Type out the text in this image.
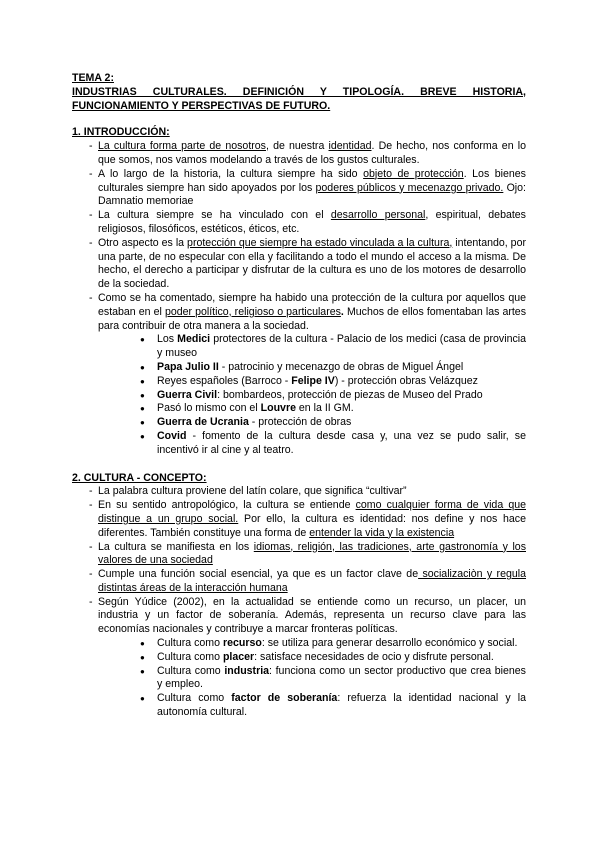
TEMA 2:
INDUSTRIAS CULTURALES. DEFINICIÓN Y TIPOLOGÍA. BREVE HISTORIA, FUNCIONAMIENTO Y PERSPECTIVAS DE FUTURO.
1. INTRODUCCIÓN:
- La cultura forma parte de nosotros, de nuestra identidad. De hecho, nos conforma en lo que somos, nos vamos modelando a través de los gustos culturales.
- A lo largo de la historia, la cultura siempre ha sido objeto de protección. Los bienes culturales siempre han sido apoyados por los poderes públicos y mecenazgo privado. Ojo: Damnatio memoriae
- La cultura siempre se ha vinculado con el desarrollo personal, espiritual, debates religiosos, filosóficos, estéticos, éticos, etc.
- Otro aspecto es la protección que siempre ha estado vinculada a la cultura, intentando, por una parte, de no especular con ella y facilitando a todo el mundo el acceso a la misma. De hecho, el derecho a participar y disfrutar de la cultura es uno de los motores de desarrollo de la sociedad.
- Como se ha comentado, siempre ha habido una protección de la cultura por aquellos que estaban en el poder político, religioso o particulares. Muchos de ellos fomentaban las artes para contribuir de otra manera a la sociedad.
● Los Medici protectores de la cultura - Palacio de los medici (casa de provincia y museo
● Papa Julio II - patrocinio y mecenazgo de obras de Miguel Ángel
● Reyes españoles (Barroco - Felipe IV) - protección obras Velázquez
● Guerra Civil: bombardeos, protección de piezas de Museo del Prado
● Pasó lo mismo con el Louvre en la II GM.
● Guerra de Ucrania - protección de obras
● Covid - fomento de la cultura desde casa y, una vez se pudo salir, se incentivó ir al cine y al teatro.
2. CULTURA - CONCEPTO:
- La palabra cultura proviene del latín colare, que significa “cultivar”
- En su sentido antropológico, la cultura se entiende como cualquier forma de vida que distingue a un grupo social. Por ello, la cultura es identidad: nos define y nos hace diferentes. También constituye una forma de entender la vida y la existencia
- La cultura se manifiesta en los idiomas, religión, las tradiciones, arte gastronomía y los valores de una sociedad
- Cumple una función social esencial, ya que es un factor clave de socializaciòn y regula distintas áreas de la interacción humana
- Según Yúdice (2002), en la actualidad se entiende como un recurso, un placer, un industria y un factor de soberanía. Además, representa un recurso clave para las economías nacionales y contribuye a marcar fronteras políticas.
● Cultura como recurso: se utiliza para generar desarrollo económico y social.
● Cultura como placer: satisface necesidades de ocio y disfrute personal.
● Cultura como industria: funciona como un sector productivo que crea bienes y empleo.
● Cultura como factor de soberanía: refuerza la identidad nacional y la autonomía cultural.
